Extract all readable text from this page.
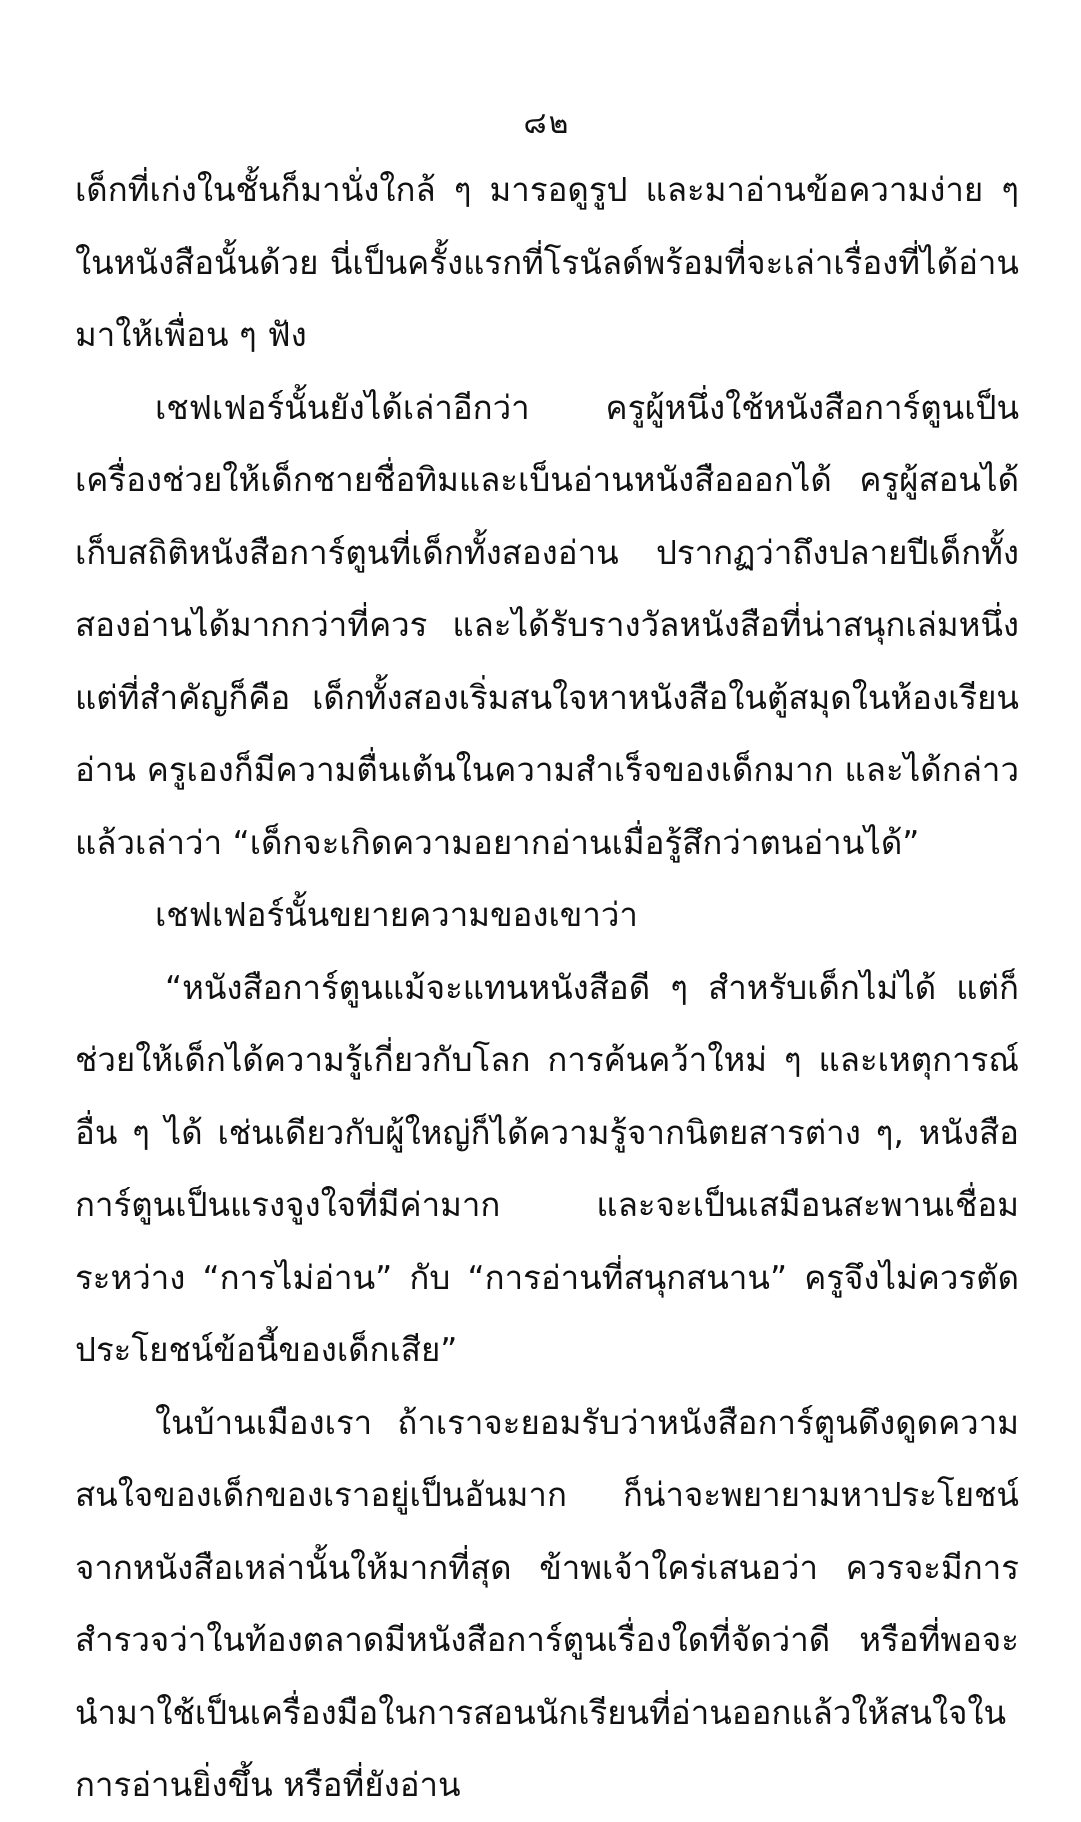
๘๒

เด็กที่เก่งในชั้นก็มานั่งใกล้ ๆ มารอดูรูป และมาอ่านข้อความง่าย ๆ ในหนังสือนั้นด้วย นี่เป็นครั้งแรกที่โรนัลด์พร้อมที่จะเล่าเรื่องที่ได้อ่านมาให้เพื่อน ๆ ฟัง

เชฟเฟอร์นั้นยังได้เล่าอีกว่า ครูผู้หนึ่งใช้หนังสือการ์ตูนเป็นเครื่องช่วยให้เด็กชายชื่อทิมและเบ็นอ่านหนังสือออกได้ ครูผู้สอนได้เก็บสถิติหนังสือการ์ตูนที่เด็กทั้งสองอ่าน ปรากฏว่าถึงปลายปีเด็กทั้งสองอ่านได้มากกว่าที่ควร และได้รับรางวัลหนังสือที่น่าสนุกเล่มหนึ่ง แต่ที่สำคัญก็คือ เด็กทั้งสองเริ่มสนใจหาหนังสือในตู้สมุดในห้องเรียนอ่าน ครูเองก็มีความตื่นเต้นในความสำเร็จของเด็กมาก และได้กล่าวแล้วเล่าว่า “เด็กจะเกิดความอยากอ่านเมื่อรู้สึกว่าตนอ่านได้”

เชฟเฟอร์นั้นขยายความของเขาว่า

“หนังสือการ์ตูนแม้จะแทนหนังสือดี ๆ สำหรับเด็กไม่ได้ แต่ก็ช่วยให้เด็กได้ความรู้เกี่ยวกับโลก การค้นคว้าใหม่ ๆ และเหตุการณ์อื่น ๆ ได้ เช่นเดียวกับผู้ใหญ่ก็ได้ความรู้จากนิตยสารต่าง ๆ, หนังสือการ์ตูนเป็นแรงจูงใจที่มีค่ามาก และจะเป็นเสมือนสะพานเชื่อมระหว่าง “การไม่อ่าน” กับ “การอ่านที่สนุกสนาน” ครูจึงไม่ควรตัดประโยชน์ข้อนี้ของเด็กเสีย”

ในบ้านเมืองเรา ถ้าเราจะยอมรับว่าหนังสือการ์ตูนดึงดูดความสนใจของเด็กของเราอยู่เป็นอันมาก ก็น่าจะพยายามหาประโยชน์จากหนังสือเหล่านั้นให้มากที่สุด ข้าพเจ้าใคร่เสนอว่า ควรจะมีการสำรวจว่าในท้องตลาดมีหนังสือการ์ตูนเรื่องใดที่จัดว่าดี หรือที่พอจะนำมาใช้เป็นเครื่องมือในการสอนนักเรียนที่อ่านออกแล้วให้สนใจในการอ่านยิ่งขึ้น หรือที่ยังอ่าน
